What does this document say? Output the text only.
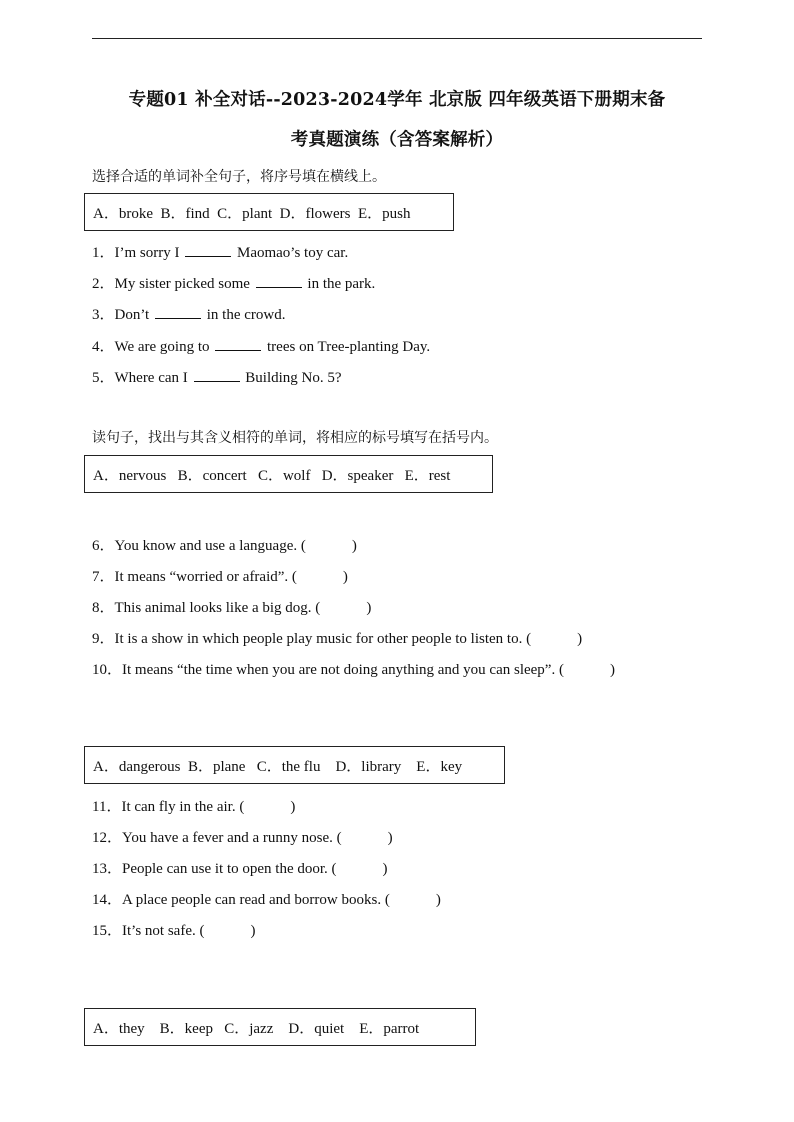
专题01 补全对话--2023-2024学年 北京版 四年级英语下册期末备
考真题演练（含答案解析）
选择合适的单词补全句子，将序号填在横线上。
A．broke  B．find  C．plant  D．flowers  E．push
1．I’m sorry I	Maomao’s toy car.
2．My sister picked some	in the park.
3．Don’t	in the crowd.
4．We are going to	trees on Tree-planting Day.
5．Where can I	Building No. 5?
读句子，找出与其含义相符的单词，将相应的标号填写在括号内。
A．nervous   B．concert   C．wolf   D．speaker   E．rest
6．You know and use a language. (	)
7．It means “worried or afraid”. (	)
8．This animal looks like a big dog. (	)
9．It is a show in which people play music for other people to listen to. (	)
10．It means “the time when you are not doing anything and you can sleep”. (	)
A．dangerous  B．plane   C．the flu    D．library    E．key
11．It can fly in the air. (	)
12．You have a fever and a runny nose. (	)
13．People can use it to open the door. (	)
14．A place people can read and borrow books. (	)
15．It’s not safe. (	)
A．they    B．keep   C．jazz    D．quiet    E．parrot
